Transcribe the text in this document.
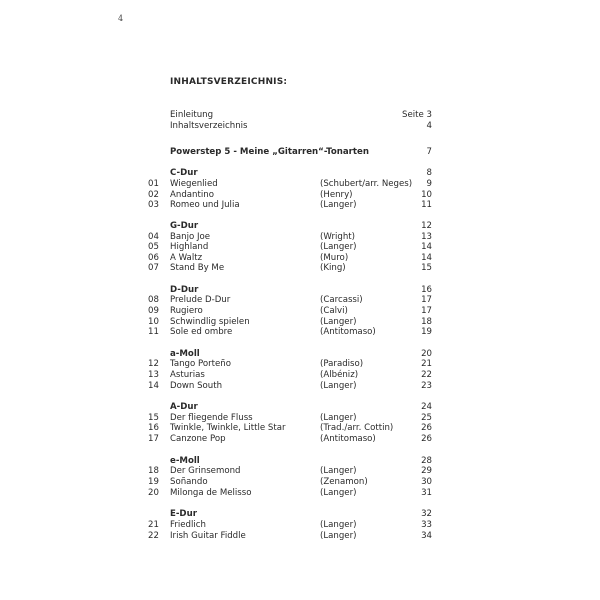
4
INHALTSVERZEICHNIS:
Einleitung	Seite 3
Inhaltsverzeichnis	4
Powerstep 5 - Meine „Gitarren“-Tonarten	7
C-Dur	8
01	Wiegenlied	(Schubert/arr. Neges) 9
02	Andantino	(Henry)	10
03	Romeo und Julia	(Langer)	11
G-Dur	12
04	Banjo Joe	(Wright)	13
05	Highland	(Langer)	14
06	A Waltz	(Muro)	14
07	Stand By Me	(King)	15
D-Dur	16
08	Prelude D-Dur	(Carcassi)	17
09	Rugiero	(Calvi)	17
10	Schwindlig spielen	(Langer)	18
11	Sole ed ombre	(Antitomaso)	19
a-Moll	20
12	Tango Porteño	(Paradiso)	21
13	Asturias	(Albéniz)	22
14	Down South	(Langer)	23
A-Dur	24
15	Der fliegende Fluss	(Langer)	25
16	Twinkle, Twinkle, Little Star	(Trad./arr. Cottin)	26
17	Canzone Pop	(Antitomaso)	26
e-Moll	28
18	Der Grinsemond	(Langer)	29
19	Soñando	(Zenamon)	30
20	Milonga de Melisso	(Langer)	31
E-Dur	32
21	Friedlich	(Langer)	33
22	Irish Guitar Fiddle	(Langer)	34
